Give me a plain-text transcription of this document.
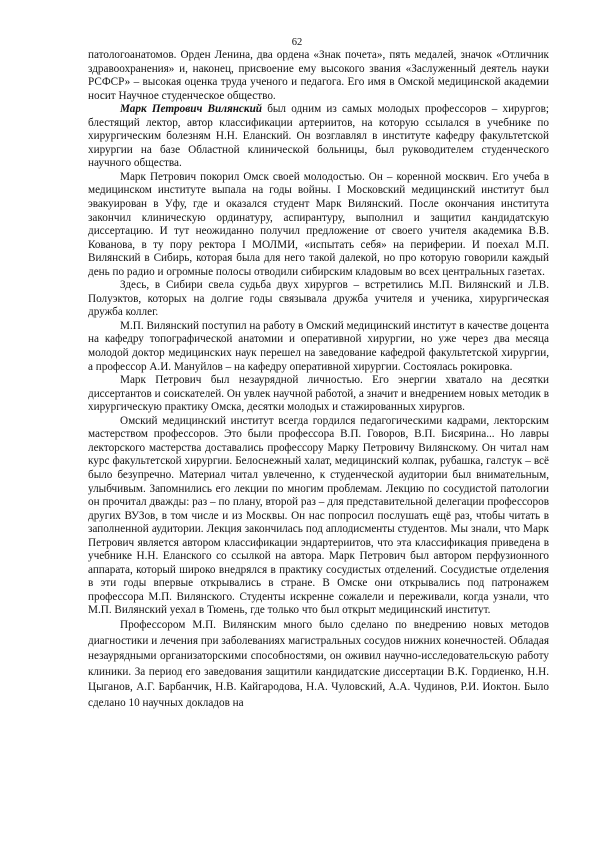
62

патологоанатомов. Орден Ленина, два ордена «Знак почета», пять медалей, значок «Отличник здравоохранения» и, наконец, присвоение ему высокого звания «Заслуженный деятель науки РСФСР» – высокая оценка труда ученого и педагога. Его имя в Омской медицинской академии носит Научное студенческое общество.

Марк Петрович Вилянский был одним из самых молодых профессоров – хирургов; блестящий лектор, автор классификации артериитов, на которую ссылался в учебнике по хирургическим болезням Н.Н. Еланский. Он возглавлял в институте кафедру факультетской хирургии на базе Областной клинической больницы, был руководителем студенческого научного общества.

Марк Петрович покорил Омск своей молодостью. Он – коренной москвич. Его учеба в медицинском институте выпала на годы войны. I Московский медицинский институт был эвакуирован в Уфу, где и оказался студент Марк Вилянский. После окончания института закончил клиническую ординатуру, аспирантуру, выполнил и защитил кандидатскую диссертацию. И тут неожиданно получил предложение от своего учителя академика В.В. Кованова, в ту пору ректора I МОЛМИ, «испытать себя» на периферии. И поехал М.П. Вилянский в Сибирь, которая была для него такой далекой, но про которую говорили каждый день по радио и огромные полосы отводили сибирским кладовым во всех центральных газетах.

Здесь, в Сибири свела судьба двух хирургов – встретились М.П. Вилянский и Л.В. Полуэктов, которых на долгие годы связывала дружба учителя и ученика, хирургическая дружба коллег.

М.П. Вилянский поступил на работу в Омский медицинский институт в качестве доцента на кафедру топографической анатомии и оперативной хирургии, но уже через два месяца молодой доктор медицинских наук перешел на заведование кафедрой факультетской хирургии, а профессор А.И. Мануйлов – на кафедру оперативной хирургии. Состоялась рокировка.

Марк Петрович был незаурядной личностью. Его энергии хватало на десятки диссертантов и соискателей. Он увлек научной работой, а значит и внедрением новых методик в хирургическую практику Омска, десятки молодых и стажированных хирургов.

Омский медицинский институт всегда гордился педагогическими кадрами, лекторским мастерством профессоров. Это были профессора В.П. Говоров, В.П. Бисярина... Но лавры лекторского мастерства доставались профессору Марку Петровичу Вилянскому. Он читал нам курс факультетской хирургии. Белоснежный халат, медицинский колпак, рубашка, галстук – всё было безупречно. Материал читал увлеченно, к студенческой аудитории был внимательным, улыбчивым. Запомнились его лекции по многим проблемам. Лекцию по сосудистой патологии он прочитал дважды: раз – по плану, второй раз – для представительной делегации профессоров других ВУЗов, в том числе и из Москвы. Он нас попросил послушать ещё раз, чтобы читать в заполненной аудитории. Лекция закончилась под аплодисменты студентов. Мы знали, что Марк Петрович является автором классификации эндартериитов, что эта классификация приведена в учебнике Н.Н. Еланского со ссылкой на автора. Марк Петрович был автором перфузионного аппарата, который широко внедрялся в практику сосудистых отделений. Сосудистые отделения в эти годы впервые открывались в стране. В Омске они открывались под патронажем профессора М.П. Вилянского. Студенты искренне сожалели и переживали, когда узнали, что М.П. Вилянский уехал в Тюмень, где только что был открыт медицинский институт.

Профессором М.П. Вилянским много было сделано по внедрению новых методов диагностики и лечения при заболеваниях магистральных сосудов нижних конечностей. Обладая незаурядными организаторскими способностями, он оживил научно-исследовательскую работу клиники. За период его заведования защитили кандидатские диссертации В.К. Гордиенко, Н.Н. Цыганов, А.Г. Барбанчик, Н.В. Кайгародова, Н.А. Чуловский, А.А. Чудинов, Р.И. Иоктон. Было сделано 10 научных докладов на
